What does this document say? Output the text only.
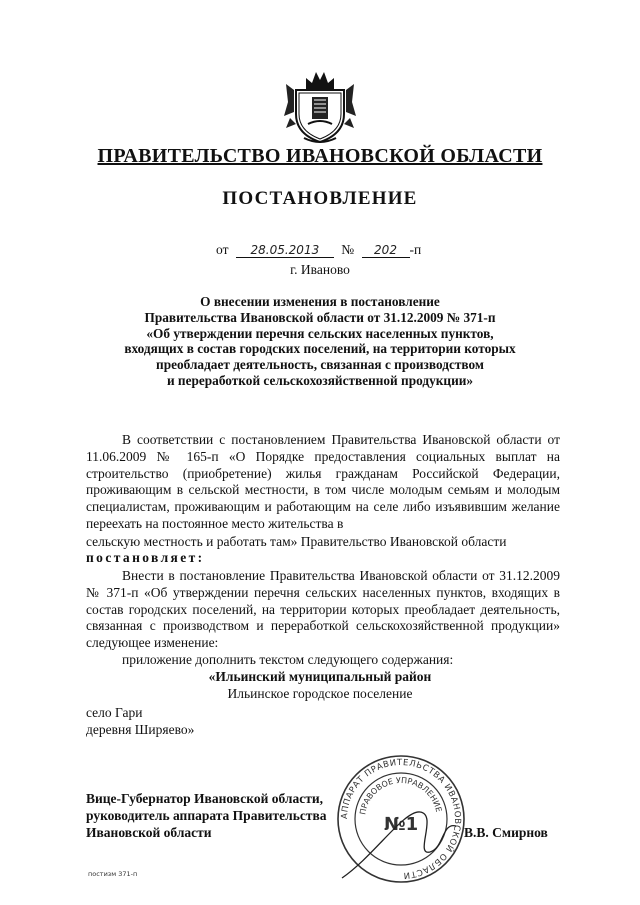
ПРАВИТЕЛЬСТВО ИВАНОВСКОЙ ОБЛАСТИ
ПОСТАНОВЛЕНИЕ
от 28.05.2013 № 202 -п
г. Иваново
О внесении изменения в постановление
Правительства Ивановской области от 31.12.2009 № 371-п
«Об утверждении перечня сельских населенных пунктов,
входящих в состав городских поселений, на территории которых
преобладает деятельность, связанная с производством
и переработкой сельскохозяйственной продукции»
В соответствии с постановлением Правительства Ивановской области от 11.06.2009 № 165-п «О Порядке предоставления социальных выплат на строительство (приобретение) жилья гражданам Российской Федерации, проживающим в сельской местности, в том числе молодым семьям и молодым специалистам, проживающим и работающим на селе либо изъявившим желание переехать на постоянное место жительства в
сельскую местность и работать там» Правительство Ивановской области
постановляет:
Внести в постановление Правительства Ивановской области от 31.12.2009 № 371-п «Об утверждении перечня сельских населенных пунктов, входящих в состав городских поселений, на территории которых преобладает деятельность, связанная с производством и переработкой сельскохозяйственной продукции» следующее изменение:
приложение дополнить текстом следующего содержания:
«Ильинский муниципальный район
Ильинское городское поселение
село Гари
деревня Ширяево»
АППАРАТ ПРАВИТЕЛЬСТВА ИВАНОВСКОЙ ОБЛАСТИ
ПРАВОВОЕ УПРАВЛЕНИЕ
№1
Вице-Губернатор Ивановской области,
руководитель аппарата Правительства
Ивановской области	В.В. Смирнов
постизм 371-п
